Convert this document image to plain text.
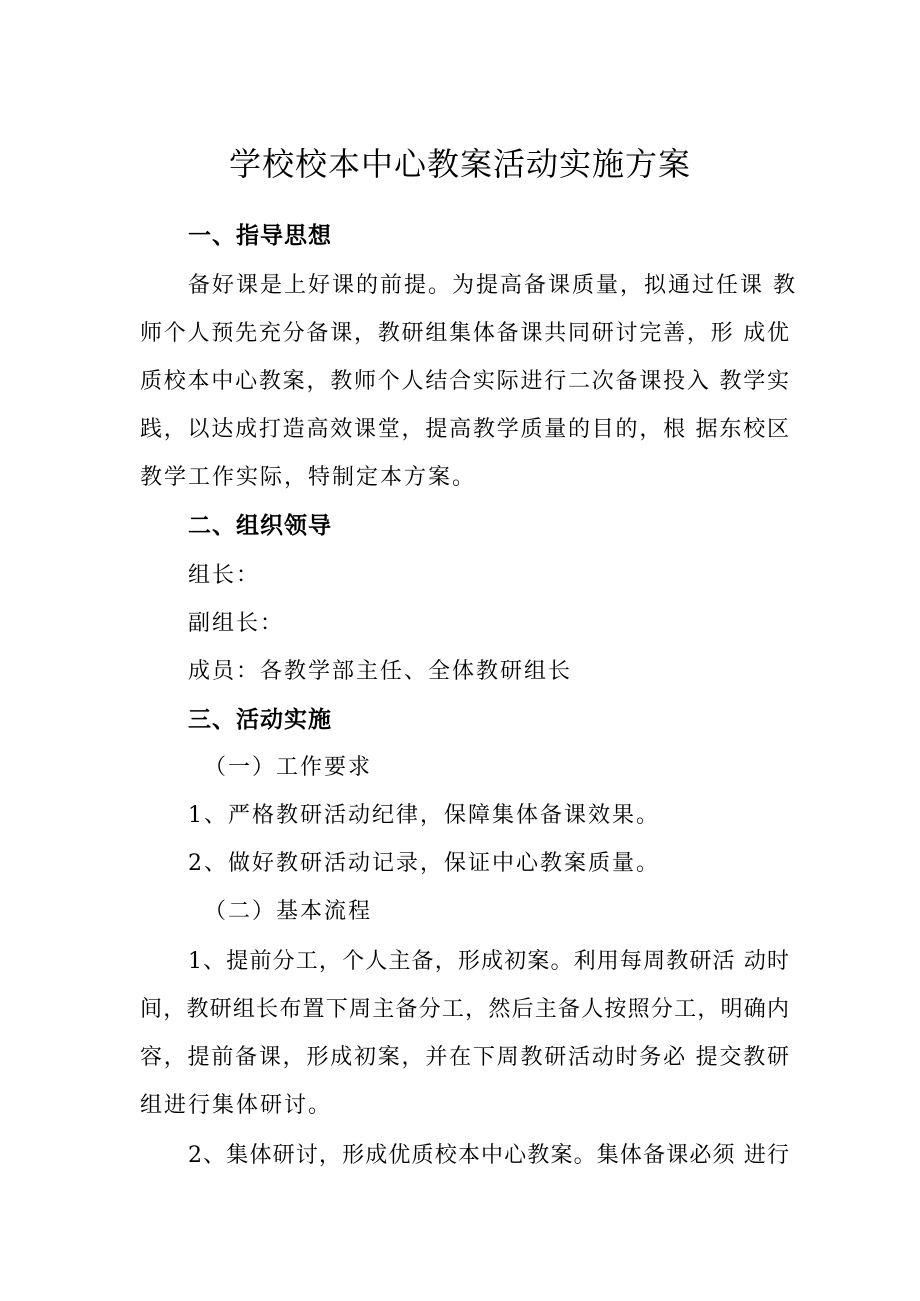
学校校本中心教案活动实施方案
一、指导思想
备好课是上好课的前提。为提高备课质量，拟通过任课 教
师个人预先充分备课，教研组集体备课共同研讨完善，形 成优
质校本中心教案，教师个人结合实际进行二次备课投入 教学实
践，以达成打造高效课堂，提高教学质量的目的，根 据东校区
教学工作实际，特制定本方案。
二、组织领导
组长：
副组长：
成员：各教学部主任、全体教研组长
三、活动实施
（一）工作要求
1、严格教研活动纪律，保障集体备课效果。
2、做好教研活动记录，保证中心教案质量。
（二）基本流程
1、提前分工，个人主备，形成初案。利用每周教研活 动时
间，教研组长布置下周主备分工，然后主备人按照分工，明确内
容，提前备课，形成初案，并在下周教研活动时务必 提交教研
组进行集体研讨。
2、集体研讨，形成优质校本中心教案。集体备课必须 进行
